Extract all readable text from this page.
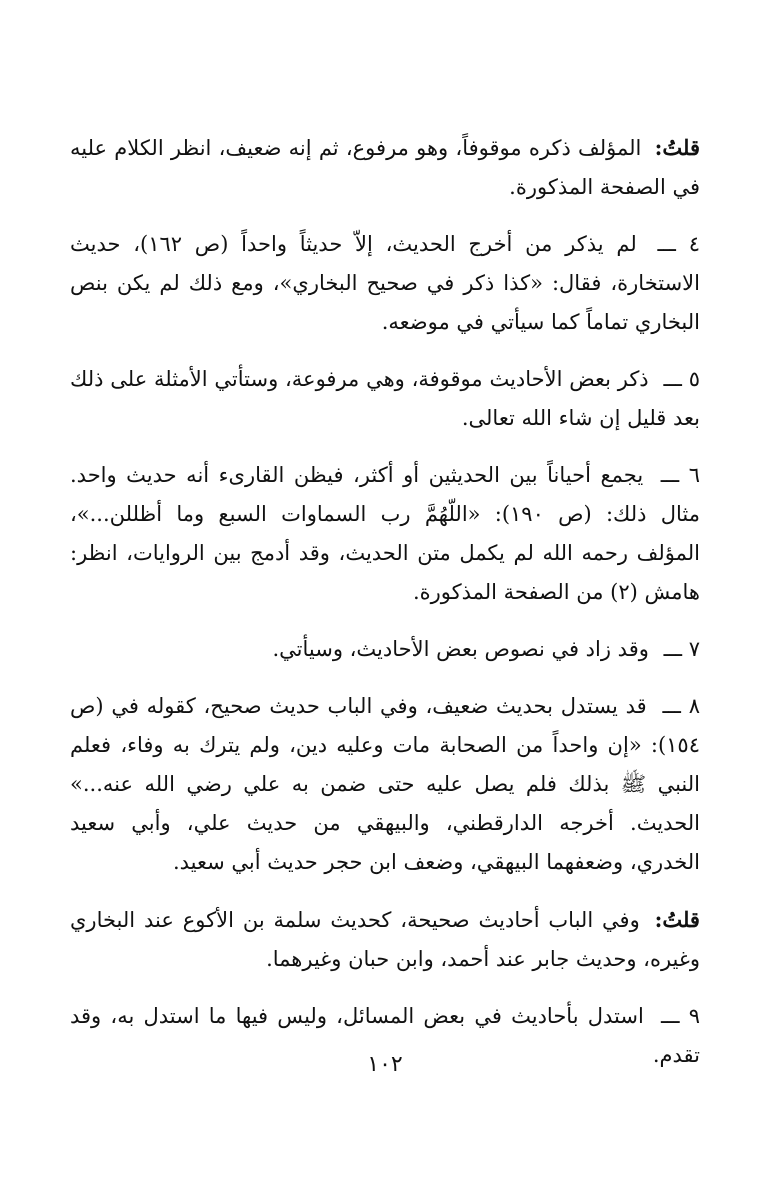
قلتُ: المؤلف ذكره موقوفاً، وهو مرفوع، ثم إنه ضعيف، انظر الكلام عليه في الصفحة المذكورة.

٤ ـــ لم يذكر من أخرج الحديث، إلاّ حديثاً واحداً (ص ١٦٢)، حديث الاستخارة، فقال: «كذا ذكر في صحيح البخاري»، ومع ذلك لم يكن بنص البخاري تماماً كما سيأتي في موضعه.

٥ ـــ ذكر بعض الأحاديث موقوفة، وهي مرفوعة، وستأتي الأمثلة على ذلك بعد قليل إن شاء الله تعالى.

٦ ـــ يجمع أحياناً بين الحديثين أو أكثر، فيظن القارىء أنه حديث واحد. مثال ذلك: (ص ١٩٠): «اللّهُمَّ رب السماوات السبع وما أظللن...»، المؤلف رحمه الله لم يكمل متن الحديث، وقد أدمج بين الروايات، انظر: هامش (٢) من الصفحة المذكورة.

٧ ـــ وقد زاد في نصوص بعض الأحاديث، وسيأتي.

٨ ـــ قد يستدل بحديث ضعيف، وفي الباب حديث صحيح، كقوله في (ص ١٥٤): «إن واحداً من الصحابة مات وعليه دين، ولم يترك به وفاء، فعلم النبي ﷺ بذلك فلم يصل عليه حتى ضمن به علي رضي الله عنه...» الحديث. أخرجه الدارقطني، والبيهقي من حديث علي، وأبي سعيد الخدري، وضعفهما البيهقي، وضعف ابن حجر حديث أبي سعيد.

قلتُ: وفي الباب أحاديث صحيحة، كحديث سلمة بن الأكوع عند البخاري وغيره، وحديث جابر عند أحمد، وابن حبان وغيرهما.

٩ ـــ استدل بأحاديث في بعض المسائل، وليس فيها ما استدل به، وقد تقدم.

١٠٢
